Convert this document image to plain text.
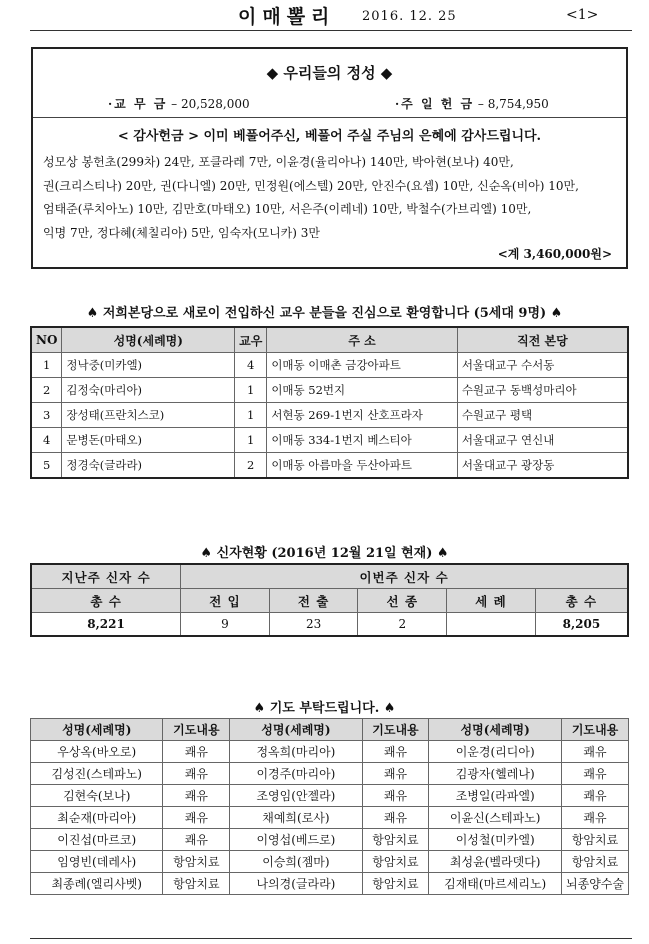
이매뽈리 2016. 12. 25	<1>
◆ 우리들의 정성 ◆
·교 무 금 – 20,528,000	·주 일 헌 금 – 8,754,950
< 감사헌금 > 이미 베풀어주신, 베풀어 주실 주님의 은혜에 감사드립니다.
성모상 봉헌초(299차) 24만, 포클라레 7만, 이윤경(율리아나) 140만, 박아현(보나) 40만,
권(크리스티나) 20만, 권(다니엘) 20만, 민정원(에스텔) 20만, 안진수(요셉) 10만, 신순옥(비아) 10만,
엄태준(루치아노) 10만, 김만호(마태오) 10만, 서은주(이레네) 10만, 박철수(가브리엘) 10만,
익명 7만, 정다혜(체칠리아) 5만, 임숙자(모니카) 3만
<계 3,460,000원>
♠ 저희본당으로 새로이 전입하신 교우 분들을 진심으로 환영합니다 (5세대 9명) ♠
NO	성명(세례명)	교우	주 소	직전 본당
1	정낙중(미카엘)	4	이매동 이매촌 금강아파트	서울대교구 수서동
2	김정숙(마리아)	1	이매동 52번지	수원교구 동백성마리아
3	장성태(프란치스코)	1	서현동 269-1번지 산호프라자	수원교구 평택
4	문병돈(마태오)	1	이매동 334-1번지 베스티아	서울대교구 연신내
5	정경숙(글라라)	2	이매동 아름마을 두산아파트	서울대교구 광장동
♠ 신자현황 (2016년 12월 21일 현재) ♠
지난주 신자 수	이번주 신자 수				
총 수	전 입	전 출	선 종	세 례	총 수
8,221	9	23	2		8,205
♠ 기도 부탁드립니다. ♠
성명(세례명)	기도내용	성명(세례명)	기도내용	성명(세례명)	기도내용
우상옥(바오로)	쾌유	정옥희(마리아)	쾌유	이운경(리디아)	쾌유
김성진(스테파노)	쾌유	이경주(마리아)	쾌유	김광자(헬레나)	쾌유
김현숙(보나)	쾌유	조영임(안젤라)	쾌유	조병일(라파엘)	쾌유
최순재(마리아)	쾌유	채예희(로사)	쾌유	이윤신(스테파노)	쾌유
이진섭(마르코)	쾌유	이영섭(베드로)	항암치료	이성철(미카엘)	항암치료
임영빈(데레사)	항암치료	이승희(젬마)	항암치료	최성윤(벨라뎃다)	항암치료
최종례(엘리사벳)	항암치료	나의경(글라라)	항암치료	김재태(마르세리노)	뇌종양수술
